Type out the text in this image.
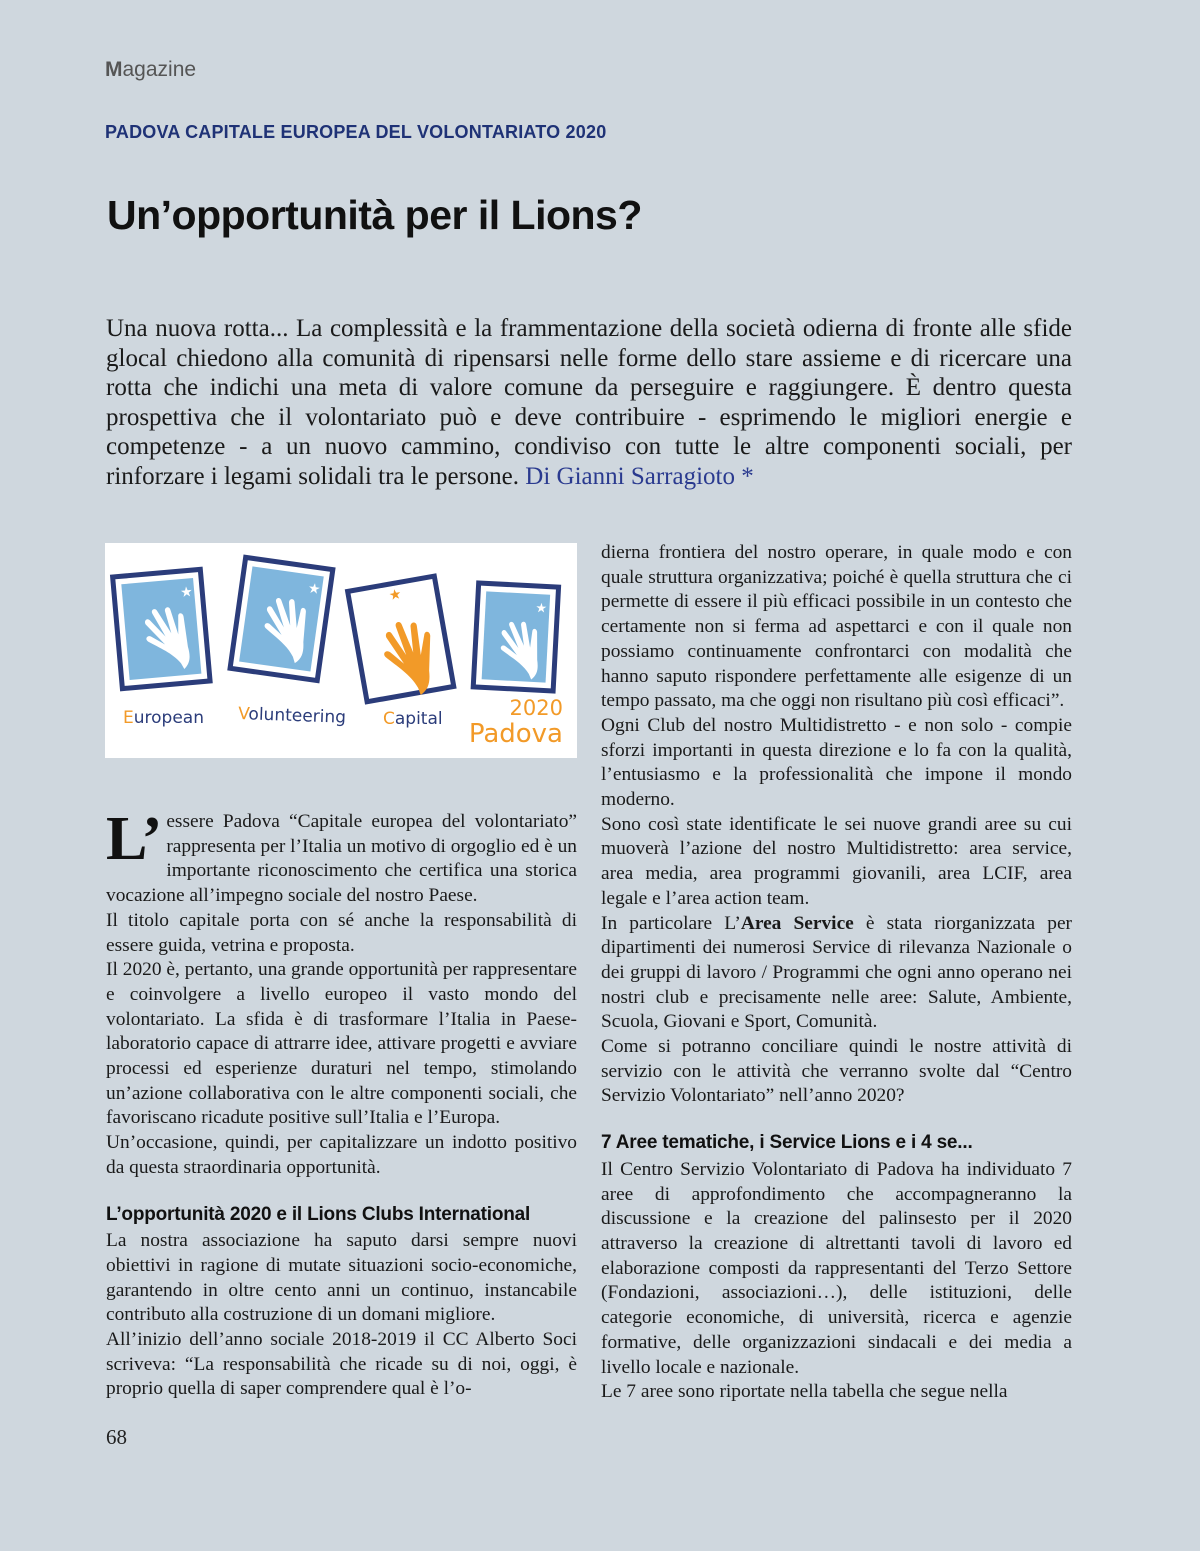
Magazine
PADOVA CAPITALE EUROPEA DEL VOLONTARIATO 2020
Un’opportunità per il Lions?

Una nuova rotta... La complessità e la frammentazione della società odierna di fronte alle sfide glocal chiedono alla comunità di ripensarsi nelle forme dello stare assieme e di ricercare una rotta che indichi una meta di valore comune da perseguire e raggiungere. È dentro questa prospettiva che il volontariato può e deve contribuire - esprimendo le migliori energie e competenze - a un nuovo cammino, condiviso con tutte le altre componenti sociali, per rinforzare i legami solidali tra le persone. Di Gianni Sarragioto *

★	★	★
★
European Volunteering Capital	2020
Padova

L’ essere Padova “Capitale europea del volontariato” rappresenta per l’Italia un motivo di orgoglio ed è un importante riconoscimento che certifica una storica vocazione all’impegno sociale del nostro Paese.

Il titolo capitale porta con sé anche la responsabilità di essere guida, vetrina e proposta.

Il 2020 è, pertanto, una grande opportunità per rappresentare e coinvolgere a livello europeo il vasto mondo del volontariato. La sfida è di trasformare l’Italia in Paese-laboratorio capace di attrarre idee, attivare progetti e avviare processi ed esperienze duraturi nel tempo, stimolando un’azione collaborativa con le altre componenti sociali, che favoriscano ricadute positive sull’Italia e l’Europa.

Un’occasione, quindi, per capitalizzare un indotto positivo da questa straordinaria opportunità.

L’opportunità 2020 e il Lions Clubs International

La nostra associazione ha saputo darsi sempre nuovi obiettivi in ragione di mutate situazioni socio-economiche, garantendo in oltre cento anni un continuo, instancabile contributo alla costruzione di un domani migliore.

All’inizio dell’anno sociale 2018-2019 il CC Alberto Soci scriveva: “La responsabilità che ricade su di noi, oggi, è proprio quella di saper comprendere qual è l’o-

dierna frontiera del nostro operare, in quale modo e con quale struttura organizzativa; poiché è quella struttura che ci permette di essere il più efficaci possibile in un contesto che certamente non si ferma ad aspettarci e con il quale non possiamo continuamente confrontarci con modalità che hanno saputo rispondere perfettamente alle esigenze di un tempo passato, ma che oggi non risultano più così efficaci”.

Ogni Club del nostro Multidistretto - e non solo - compie sforzi importanti in questa direzione e lo fa con la qualità, l’entusiasmo e la professionalità che impone il mondo moderno.

Sono così state identificate le sei nuove grandi aree su cui muoverà l’azione del nostro Multidistretto: area service, area media, area programmi giovanili, area LCIF, area legale e l’area action team.

In particolare L’Area Service è stata riorganizzata per dipartimenti dei numerosi Service di rilevanza Nazionale o dei gruppi di lavoro / Programmi che ogni anno operano nei nostri club e precisamente nelle aree: Salute, Ambiente, Scuola, Giovani e Sport, Comunità.

Come si potranno conciliare quindi le nostre attività di servizio con le attività che verranno svolte dal “Centro Servizio Volontariato” nell’anno 2020?

7 Aree tematiche, i Service Lions e i 4 se...

Il Centro Servizio Volontariato di Padova ha individuato 7 aree di approfondimento che accompagneranno la discussione e la creazione del palinsesto per il 2020 attraverso la creazione di altrettanti tavoli di lavoro ed elaborazione composti da rappresentanti del Terzo Settore (Fondazioni, associazioni…), delle istituzioni, delle categorie economiche, di università, ricerca e agenzie formative, delle organizzazioni sindacali e dei media a livello locale e nazionale.

Le 7 aree sono riportate nella tabella che segue nella

68
